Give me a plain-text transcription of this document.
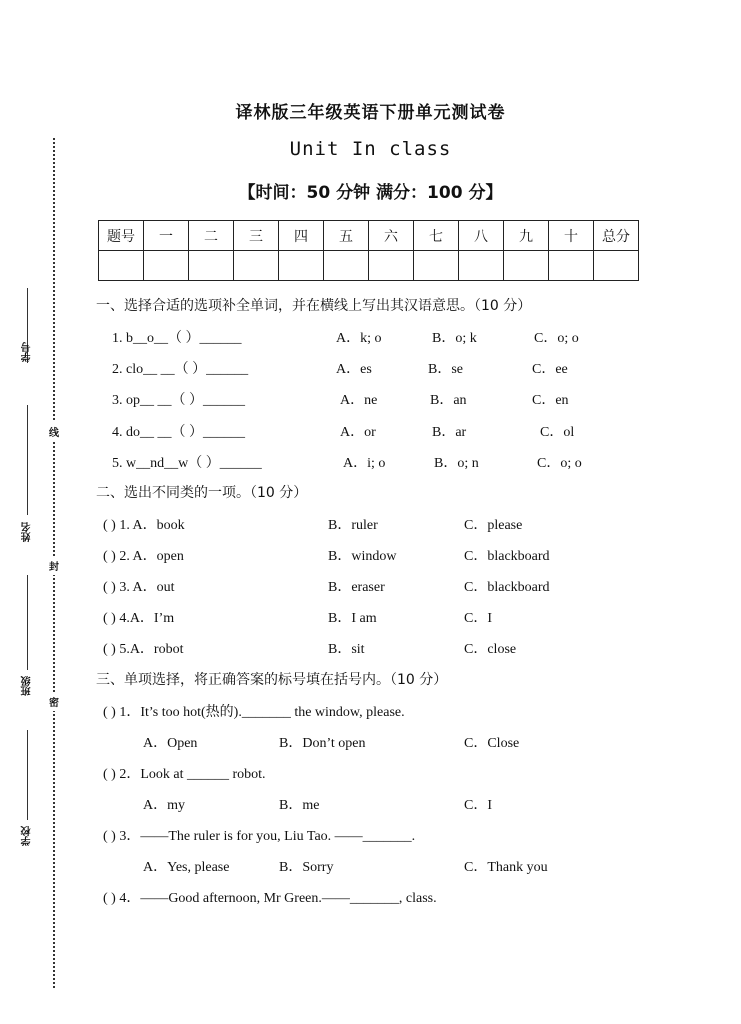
线
封
密
学号
姓名
班级
学校
译林版三年级英语下册单元测试卷
Unit In class
【时间：50 分钟 满分：100 分】
题号	一	二	三	四	五	六	七	八	九	十	总分

一、选择合适的选项补全单词，并在横线上写出其汉语意思。（10 分）
1. b__o__（ ）______	A．k; o	B．o; k	C．o; o
2. clo__ __（ ）______	A．es	B．se	C．ee
3. op__ __（ ）______	A．ne	B．an	C．en
4. do__ __（ ）______	A．or	B．ar	C．ol
5. w__nd__w（ ）______	A．i; o	B．o; n	C．o; o
二、选出不同类的一项。（10 分）
( ) 1. A．book	B．ruler	C．please
( ) 2. A．open	B．window	C．blackboard
( ) 3. A．out	B．eraser	C．blackboard
( ) 4.A．I’m	B．I am	C．I
( ) 5.A．robot	B．sit	C．close
三、单项选择，将正确答案的标号填在括号内。（10 分）
( ) 1．It’s too hot(热的)._______ the window, please.
A．Open	B．Don’t open	C．Close
( ) 2．Look at ______ robot.
A．my	B．me	C．I
( ) 3．——The ruler is for you, Liu Tao. ——_______.
A．Yes, please	B．Sorry	C．Thank you
( ) 4．——Good afternoon, Mr Green.——_______, class.
